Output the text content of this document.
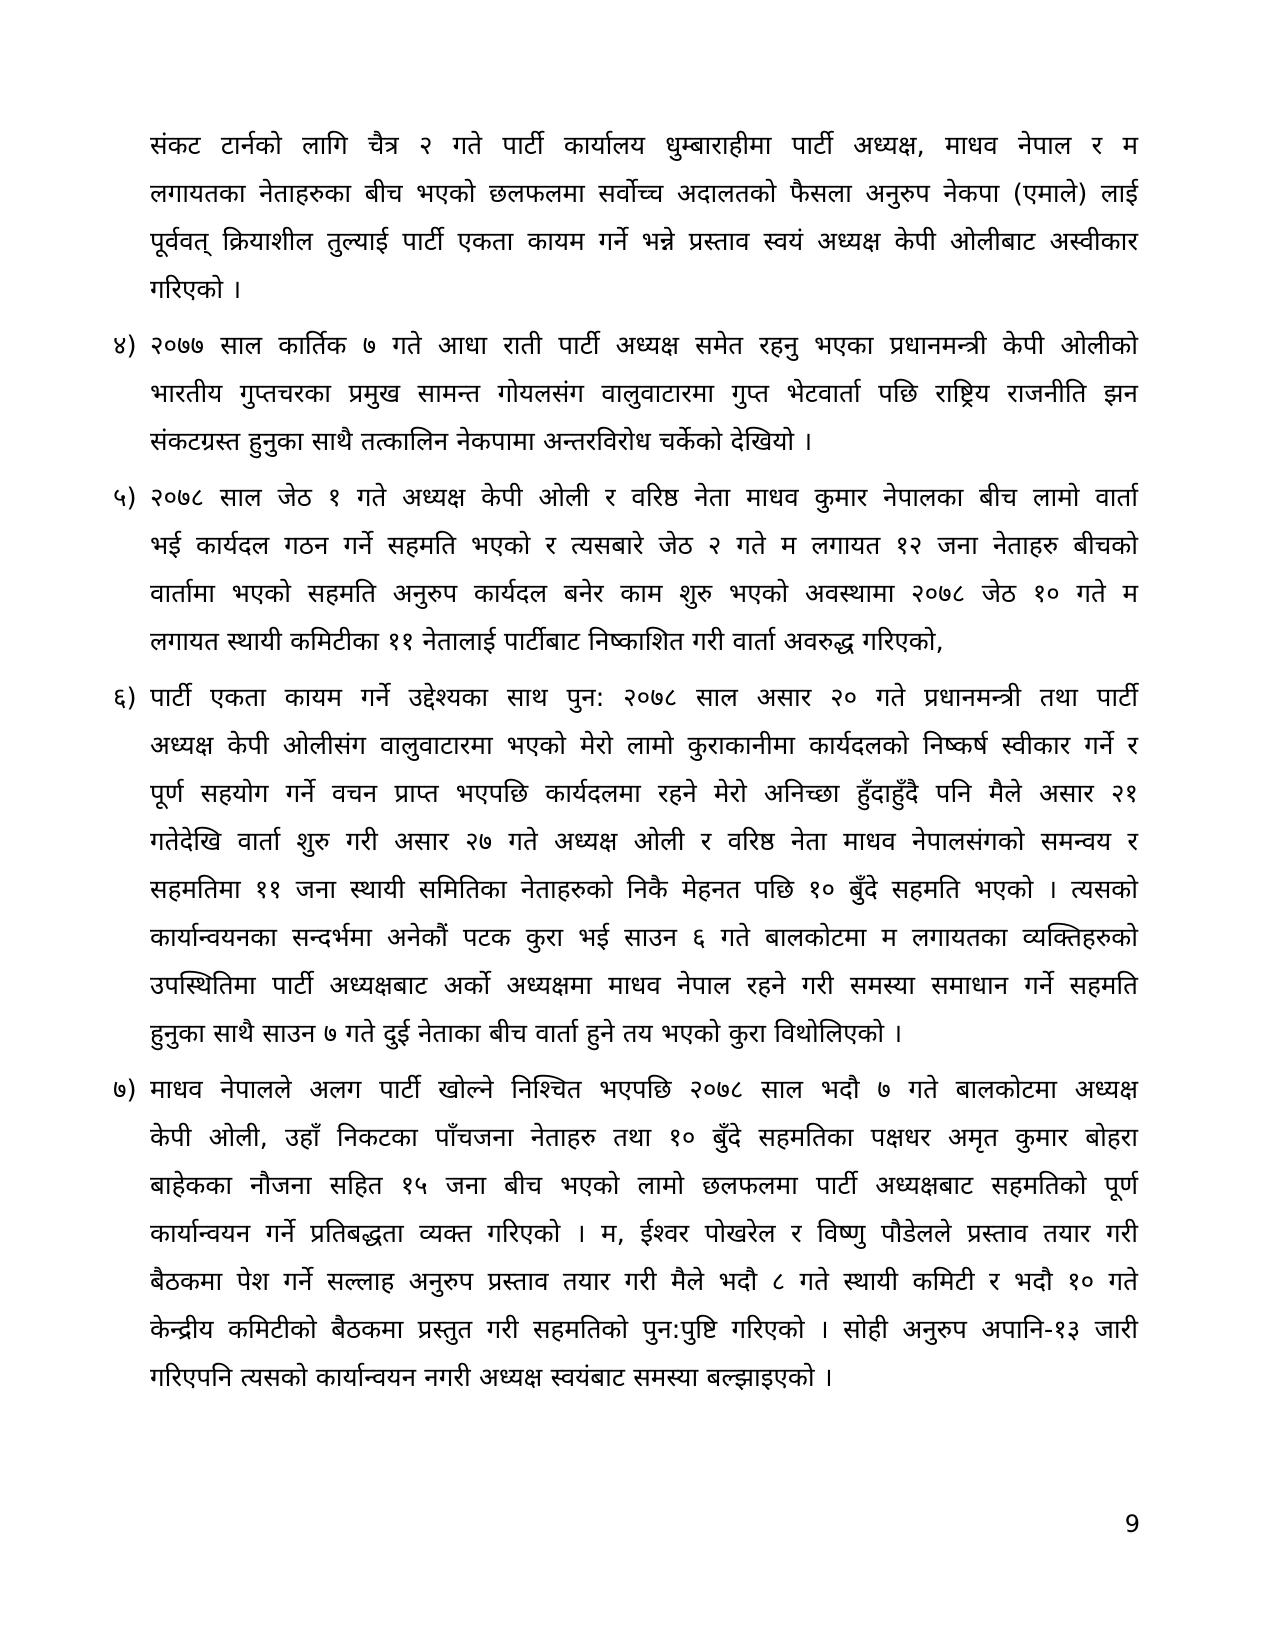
संकट टार्नको लागि चैत्र २ गते पार्टी कार्यालय धुम्बाराहीमा पार्टी अध्यक्ष, माधव नेपाल र म
लगायतका नेताहरुका बीच भएको छलफलमा सर्वोच्च अदालतको फैसला अनुरुप नेकपा (एमाले) लाई
पूर्ववत् क्रियाशील तुल्याई पार्टी एकता कायम गर्ने भन्ने प्रस्ताव स्वयं अध्यक्ष केपी ओलीबाट अस्वीकार
गरिएको ।
४) २०७७ साल कार्तिक ७ गते आधा राती पार्टी अध्यक्ष समेत रहनु भएका प्रधानमन्त्री केपी ओलीको
भारतीय गुप्तचरका प्रमुख सामन्त गोयलसंग वालुवाटारमा गुप्त भेटवार्ता पछि राष्ट्रिय राजनीति झन
संकटग्रस्त हुनुका साथै तत्कालिन नेकपामा अन्तरविरोध चर्केको देखियो ।
५) २०७८ साल जेठ १ गते अध्यक्ष केपी ओली र वरिष्ठ नेता माधव कुमार नेपालका बीच लामो वार्ता
भई कार्यदल गठन गर्ने सहमति भएको र त्यसबारे जेठ २ गते म लगायत १२ जना नेताहरु बीचको
वार्तामा भएको सहमति अनुरुप कार्यदल बनेर काम शुरु भएको अवस्थामा २०७८ जेठ १० गते म
लगायत स्थायी कमिटीका ११ नेतालाई पार्टीबाट निष्काशित गरी वार्ता अवरुद्ध गरिएको,
६) पार्टी एकता कायम गर्ने उद्देश्यका साथ पुन: २०७८ साल असार २० गते प्रधानमन्त्री तथा पार्टी
अध्यक्ष केपी ओलीसंग वालुवाटारमा भएको मेरो लामो कुराकानीमा कार्यदलको निष्कर्ष स्वीकार गर्ने र
पूर्ण सहयोग गर्ने वचन प्राप्त भएपछि कार्यदलमा रहने मेरो अनिच्छा हुँदाहुँदै पनि मैले असार २१
गतेदेखि वार्ता शुरु गरी असार २७ गते अध्यक्ष ओली र वरिष्ठ नेता माधव नेपालसंगको समन्वय र
सहमतिमा ११ जना स्थायी समितिका नेताहरुको निकै मेहनत पछि १० बुँदे सहमति भएको । त्यसको
कार्यान्वयनका सन्दर्भमा अनेकौं पटक कुरा भई साउन ६ गते बालकोटमा म लगायतका व्यक्तिहरुको
उपस्थितिमा पार्टी अध्यक्षबाट अर्को अध्यक्षमा माधव नेपाल रहने गरी समस्या समाधान गर्ने सहमति
हुनुका साथै साउन ७ गते दुई नेताका बीच वार्ता हुने तय भएको कुरा विथोलिएको ।
७) माधव नेपालले अलग पार्टी खोल्ने निश्चित भएपछि २०७८ साल भदौ ७ गते बालकोटमा अध्यक्ष
केपी ओली, उहाँ निकटका पाँचजना नेताहरु तथा १० बुँदे सहमतिका पक्षधर अमृत कुमार बोहरा
बाहेकका नौजना सहित १५ जना बीच भएको लामो छलफलमा पार्टी अध्यक्षबाट सहमतिको पूर्ण
कार्यान्वयन गर्ने प्रतिबद्धता व्यक्त गरिएको । म, ईश्वर पोखरेल र विष्णु पौडेलले प्रस्ताव तयार गरी
बैठकमा पेश गर्ने सल्लाह अनुरुप प्रस्ताव तयार गरी मैले भदौ ८ गते स्थायी कमिटी र भदौ १० गते
केन्द्रीय कमिटीको बैठकमा प्रस्तुत गरी सहमतिको पुन:पुष्टि गरिएको । सोही अनुरुप अपानि-१३ जारी
गरिएपनि त्यसको कार्यान्वयन नगरी अध्यक्ष स्वयंबाट समस्या बल्झाइएको ।
9
